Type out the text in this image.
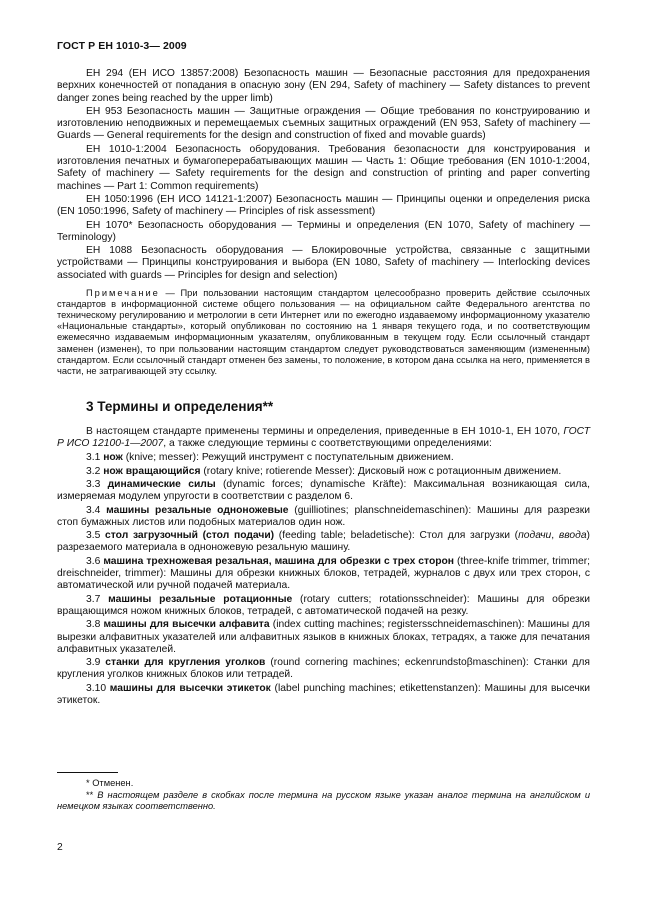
ГОСТ Р ЕН 1010-3— 2009

ЕН 294 (ЕН ИСО 13857:2008) Безопасность машин — Безопасные расстояния для предохранения верхних конечностей от попадания в опасную зону (EN 294, Safety of machinery — Safety distances to prevent danger zones being reached by the upper limb)

ЕН 953 Безопасность машин — Защитные ограждения — Общие требования по конструированию и изготовлению неподвижных и перемещаемых съемных защитных ограждений (EN 953, Safety of machinery — Guards — General requirements for the design and construction of fixed and movable guards)

ЕН 1010-1:2004 Безопасность оборудования. Требования безопасности для конструирования и изготовления печатных и бумагоперерабатывающих машин — Часть 1: Общие требования (EN 1010-1:2004, Safety of machinery — Safety requirements for the design and construction of printing and paper converting machines — Part 1: Common requirements)

ЕН 1050:1996 (ЕН ИСО 14121-1:2007) Безопасность машин — Принципы оценки и определения риска (EN 1050:1996, Safety of machinery — Principles of risk assessment)

ЕН 1070* Безопасность оборудования — Термины и определения (EN 1070, Safety of machinery — Terminology)

ЕН 1088 Безопасность оборудования — Блокировочные устройства, связанные с защитными устройствами — Принципы конструирования и выбора (EN 1080, Safety of machinery — Interlocking devices associated with guards — Principles for design and selection)

Примечание — При пользовании настоящим стандартом целесообразно проверить действие ссылочных стандартов в информационной системе общего пользования — на официальном сайте Федерального агентства по техническому регулированию и метрологии в сети Интернет или по ежегодно издаваемому информационному указателю «Национальные стандарты», который опубликован по состоянию на 1 января текущего года, и по соответствующим ежемесячно издаваемым информационным указателям, опубликованным в текущем году. Если ссылочный стандарт заменен (изменен), то при пользовании настоящим стандартом следует руководствоваться заменяющим (измененным) стандартом. Если ссылочный стандарт отменен без замены, то положение, в котором дана ссылка на него, применяется в части, не затрагивающей эту ссылку.

3 Термины и определения**

В настоящем стандарте применены термины и определения, приведенные в ЕН 1010-1, ЕН 1070, ГОСТ Р ИСО 12100-1—2007, а также следующие термины с соответствующими определениями:

3.1 нож (knive; messer): Режущий инструмент с поступательным движением.

3.2 нож вращающийся (rotary knive; rotierende Messer): Дисковый нож с ротационным движением.

3.3 динамические силы (dynamic forces; dynamische Kräfte): Максимальная возникающая сила, измеряемая модулем упругости в соответствии с разделом 6.

3.4 машины резальные одноножевые (guilliotines; planschneidemaschinen): Машины для разрезки стоп бумажных листов или подобных материалов один нож.

3.5 стол загрузочный (стол подачи) (feeding table; beladetische): Стол для загрузки (подачи, ввода) разрезаемого материала в одноножевую резальную машину.

3.6 машина трехножевая резальная, машина для обрезки с трех сторон (three-knife trimmer, trimmer; dreischneider, trimmer): Машины для обрезки книжных блоков, тетрадей, журналов с двух или трех сторон, с автоматической или ручной подачей материала.

3.7 машины резальные ротационные (rotary cutters; rotationsschneider): Машины для обрезки вращающимся ножом книжных блоков, тетрадей, с автоматической подачей на резку.

3.8 машины для высечки алфавита (index cutting machines; registersschneidemaschinen): Машины для вырезки алфавитных указателей или алфавитных языков в книжных блоках, тетрадях, а также для печатания алфавитных указателей.

3.9 станки для кругления уголков (round cornering machines; eckenrundstoβmaschinen): Станки для кругления уголков книжных блоков или тетрадей.

3.10 машины для высечки этикеток (label punching machines; etikettenstanzen): Машины для высечки этикеток.

* Отменен.

** В настоящем разделе в скобках после термина на русском языке указан аналог термина на английском и немецком языках соответственно.

2
